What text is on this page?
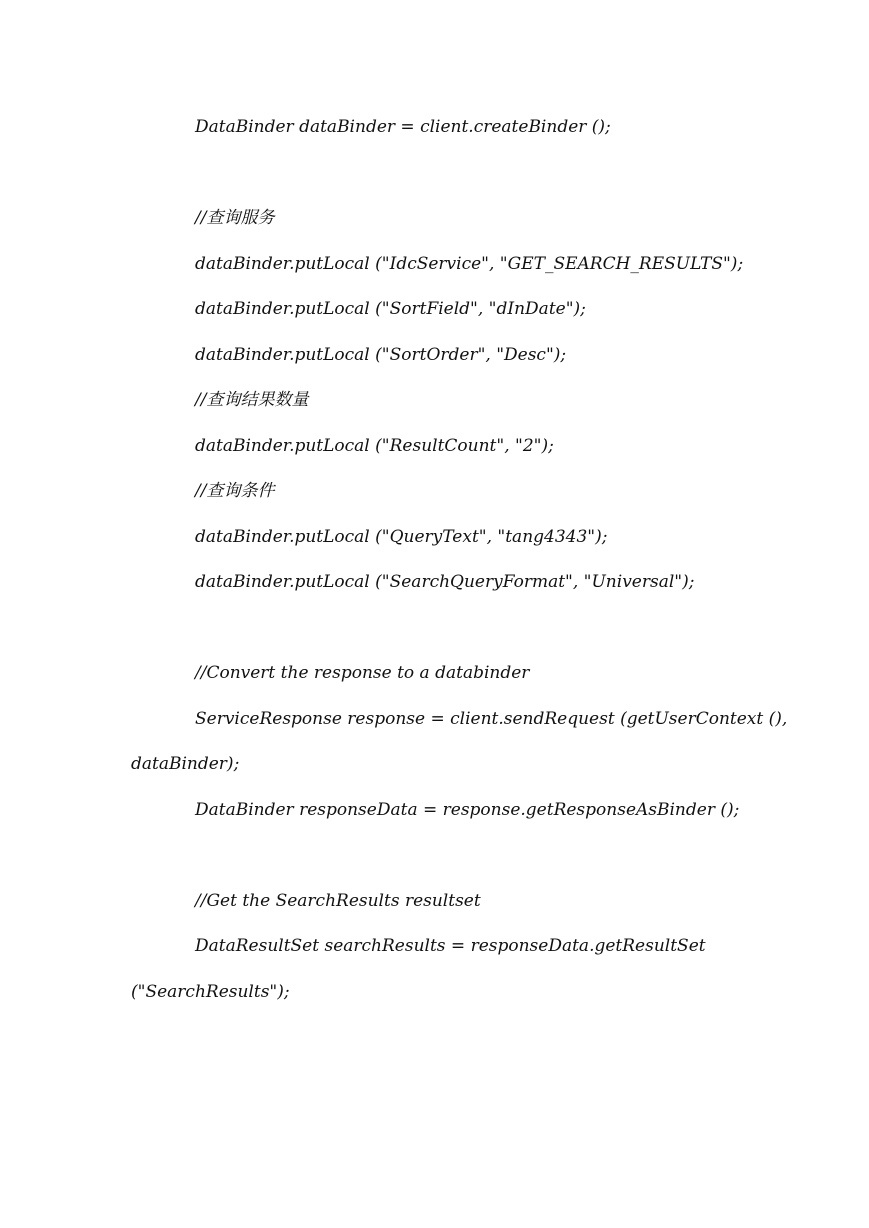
DataBinder dataBinder = client.createBinder ();

//查询服务

dataBinder.putLocal ("IdcService", "GET_SEARCH_RESULTS");

dataBinder.putLocal ("SortField", "dInDate");

dataBinder.putLocal ("SortOrder", "Desc");

//查询结果数量

dataBinder.putLocal ("ResultCount", "2");

//查询条件

dataBinder.putLocal ("QueryText", "tang4343");

dataBinder.putLocal ("SearchQueryFormat", "Universal");

//Convert the response to a databinder

ServiceResponse response = client.sendRequest (getUserContext (),

dataBinder);

DataBinder responseData = response.getResponseAsBinder ();

//Get the SearchResults resultset

DataResultSet searchResults = responseData.getResultSet

("SearchResults");
